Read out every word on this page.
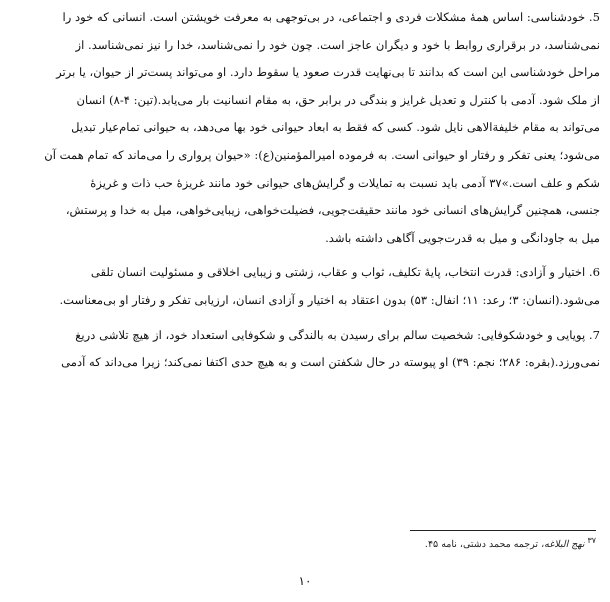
5. خودشناسی: اساس همهٔ مشکلات فردی و اجتماعی، در بی‌توجهی به معرفت خویشتن است. انسانی که خود را
نمی‌شناسد، در برقراری روابط با خود و دیگران عاجز است. چون خود را نمی‌شناسد، خدا را نیز نمی‌شناسد. از
مراحل خودشناسی این است که بدانند تا بی‌نهایت قدرت صعود یا سقوط دارد. او می‌تواند پست‌تر از حیوان، یا برتر
از ملک شود. آدمی با کنترل و تعدیل غرایز و بندگی در برابر حق، به مقام انسانیت بار می‌یابد.(تین: ۴-۸) انسان
می‌تواند به مقام خلیفةالاهی نایل شود. کسی که فقط به ابعاد حیوانی خود بها می‌دهد، به حیوانی تمام‌عیار تبدیل
می‌شود؛ یعنی تفکر و رفتار او حیوانی است. به فرموده امیرالمؤمنین(ع): «حیوان پرواری را می‌ماند که تمام همت آن
شکم و علف است.»۳۷ آدمی باید نسبت به تمایلات و گرایش‌های حیوانی خود مانند غریزهٔ حب ذات و غریزهٔ
جنسی، همچنین گرایش‌های انسانی خود مانند حقیقت‌جویی، فضیلت‌خواهی، زیبایی‌خواهی، میل به خدا و پرستش،
میل به جاودانگی و میل به قدرت‌جویی آگاهی داشته باشد.
6. اختیار و آزادی: قدرت انتخاب، پایهٔ تکلیف، ثواب و عقاب، زشتی و زیبایی اخلاقی و مسئولیت انسان تلقی
می‌شود.(انسان: ۳؛ رعد: ۱۱؛ انفال: ۵۳) بدون اعتقاد به اختیار و آزادی انسان، ارزیابی تفکر و رفتار او بی‌معناست.
7. پویایی و خودشکوفایی: شخصیت سالم برای رسیدن به بالندگی و شکوفایی استعداد خود، از هیچ تلاشی دریغ
نمی‌ورزد.(بقره: ۲۸۶؛ نجم: ۳۹) او پیوسته در حال شکفتن است و به هیچ حدی اکتفا نمی‌کند؛ زیرا می‌داند که آدمی
$^{۳۷}$ نهج البلاغه، ترجمه محمد دشتی، نامه ۴۵.
۱۰
